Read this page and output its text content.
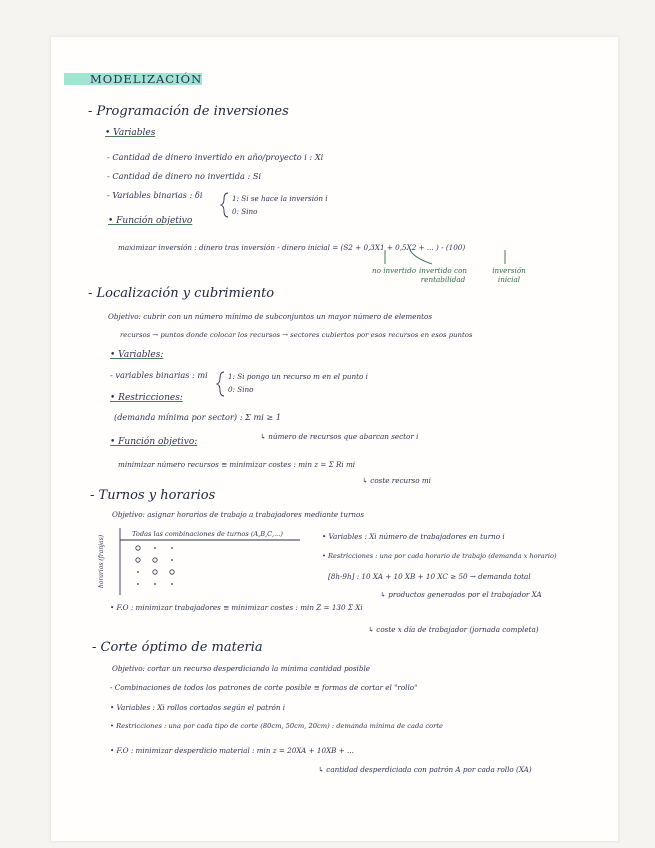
MODELIZACIÓN
- Programación de inversiones
• Variables
- Cantidad de dinero invertido en año/proyecto i : Xi
- Cantidad de dinero no invertida : Si
- Variables binarias : δi	1: Si se hace la inversión i
0: Sino
• Función objetivo
maximizar inversión : dinero tras inversión - dinero inicial = (S2 + 0,3X1 + 0,5X2 + ... ) - (100)
no invertido invertido con rentabilidad
inversión inicial
- Localización y cubrimiento
Objetivo: cubrir con un número mínimo de subconjuntos un mayor número de elementos
recursos → puntos donde colocar los recursos → sectores cubiertos por esos recursos en esos puntos
• Variables:
- variables binarias : mi	1: Si pongo un recurso m en el punto i
0: Sino
• Restricciones:
(demanda mínima por sector) : Σ mi ≥ 1
↳ número de recursos que abarcan sector i
• Función objetivo:
minimizar número recursos ≡ minimizar costes : min z = Σ Ri mi
↳ coste recurso mi
- Turnos y horarios
Objetivo: asignar horarios de trabajo a trabajadores mediante turnos
Todas las combinaciones de turnos (A,B,C,...)
horarios (franjas)	• Variables : Xi número de trabajadores en turno i
• Restricciones : una por cada horario de trabajo (demanda x horario)
[8h-9h] : 10 XA + 10 XB + 10 XC ≥ 50 → demanda total
↳ productos generados por el trabajador XA
• F.O : minimizar trabajadores ≡ minimizar costes : min Z = 130 Σ Xi
↳ coste x día de trabajador (jornada completa)
- Corte óptimo de materia
Objetivo: cortar un recurso desperdiciando la mínima cantidad posible
- Combinaciones de todos los patrones de corte posible ≡ formas de cortar el "rollo"
• Variables : Xi rollos cortados según el patrón i
• Restricciones : una por cada tipo de corte (80cm, 50cm, 20cm) : demanda mínima de cada corte
• F.O : minimizar desperdicio material : min z = 20XA + 10XB + ...
↳ cantidad desperdiciada con patrón A por cada rollo (XA)
